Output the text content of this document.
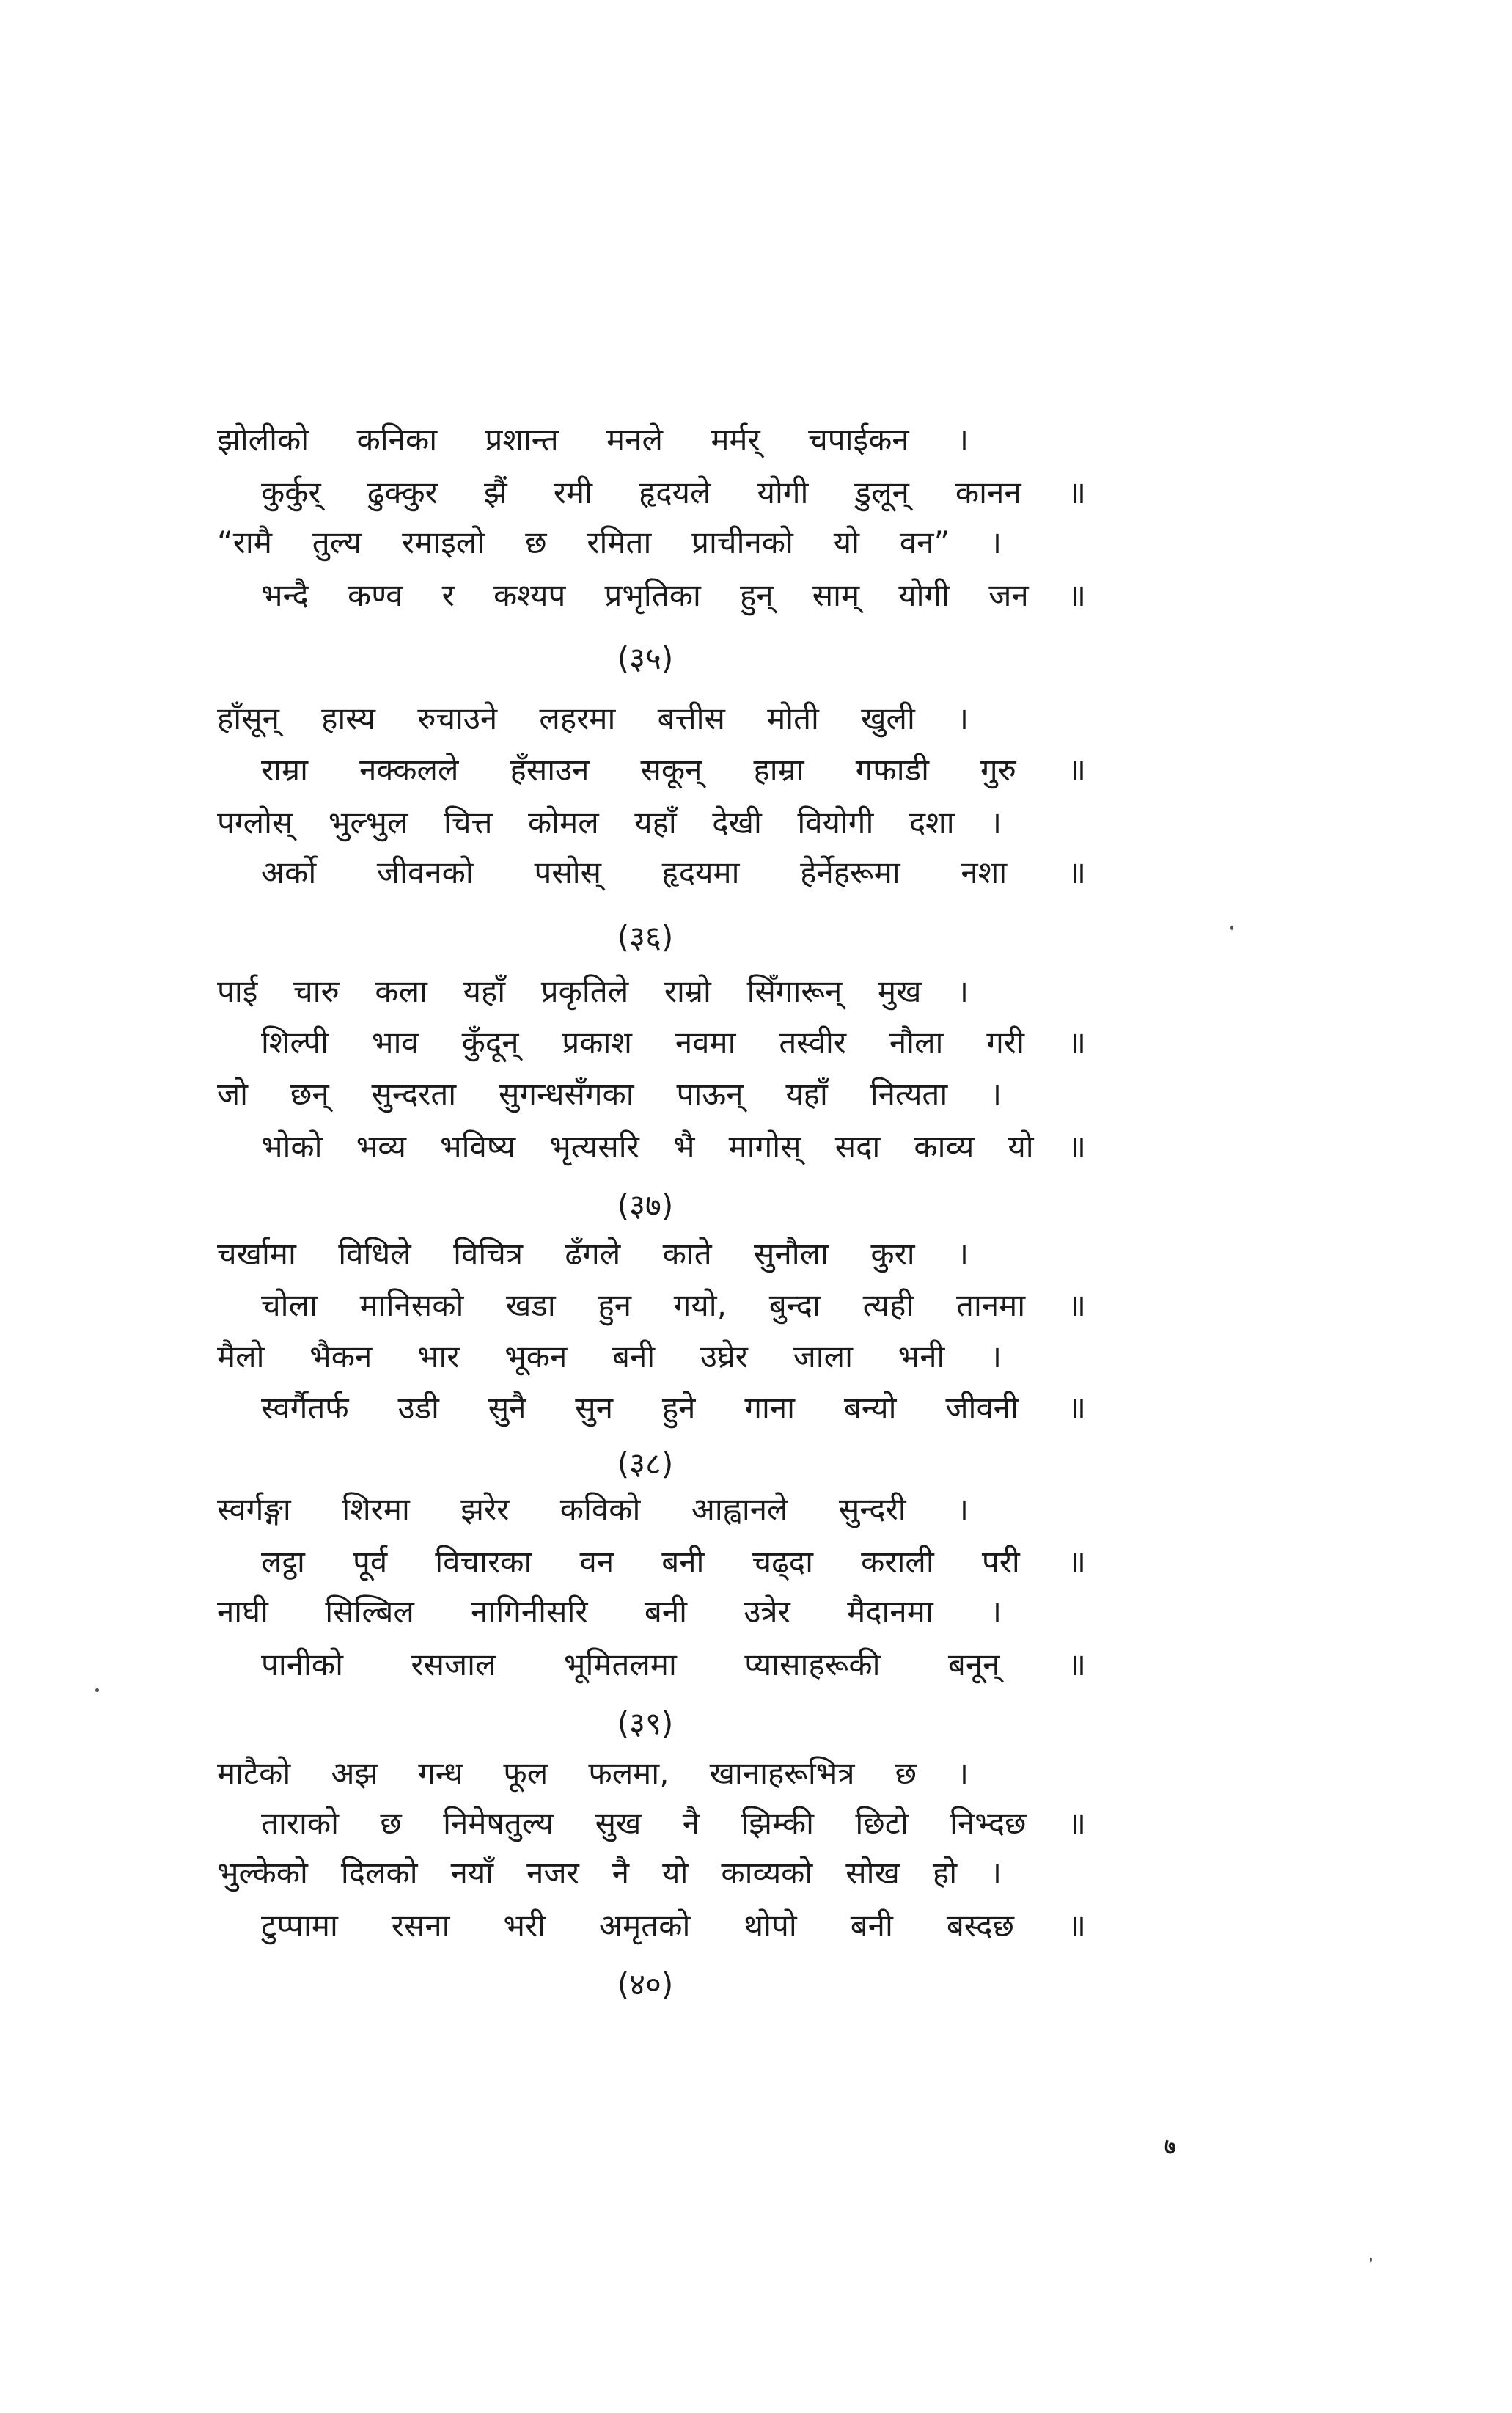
झोलीको कनिका प्रशान्त मनले मर्मर् चपाईकन ।
कुर्कुर् ढुक्कुर झैं रमी हृदयले योगी डुलून् कानन ॥
“रामै तुल्य रमाइलो छ रमिता प्राचीनको यो वन” ।
भन्दै कण्व र कश्यप प्रभृतिका हुन् साम् योगी जन ॥
(३५)
हाँसून् हास्य रुचाउने लहरमा बत्तीस मोती खुली ।
राम्रा नक्कलले हँसाउन सकून् हाम्रा गफाडी गुरु ॥
पग्लोस् भुल्भुल चित्त कोमल यहाँ देखी वियोगी दशा ।
अर्को जीवनको पसोस् हृदयमा हेर्नेहरूमा नशा ॥
(३६)
पाई चारु कला यहाँ प्रकृतिले राम्रो सिँगारून् मुख ।
शिल्पी भाव कुँदून् प्रकाश नवमा तस्वीर नौला गरी ॥
जो छन् सुन्दरता सुगन्धसँगका पाऊन् यहाँ नित्यता ।
भोको भव्य भविष्य भृत्यसरि भै मागोस् सदा काव्य यो ॥
(३७)
चर्खामा विधिले विचित्र ढँगले काते सुनौला कुरा ।
चोला मानिसको खडा हुन गयो, बुन्दा त्यही तानमा ॥
मैलो भैकन भार भूकन बनी उघ्रेर जाला भनी ।
स्वर्गैतर्फ उडी सुनै सुन हुने गाना बन्यो जीवनी ॥
(३८)
स्वर्गङ्गा शिरमा झरेर कविको आह्वानले सुन्दरी ।
लट्ठा पूर्व विचारका वन बनी चढ्दा कराली परी ॥
नाघी सिल्बिल नागिनीसरि बनी उत्रेर मैदानमा ।
पानीको रसजाल भूमितलमा प्यासाहरूकी बनून् ॥
(३९)
माटैको अझ गन्ध फूल फलमा, खानाहरूभित्र छ ।
ताराको छ निमेषतुल्य सुख नै झिम्की छिटो निभ्दछ ॥
भुल्केको दिलको नयाँ नजर नै यो काव्यको सोख हो ।
टुप्पामा रसना भरी अमृतको थोपो बनी बस्दछ ॥
(४०)
७
